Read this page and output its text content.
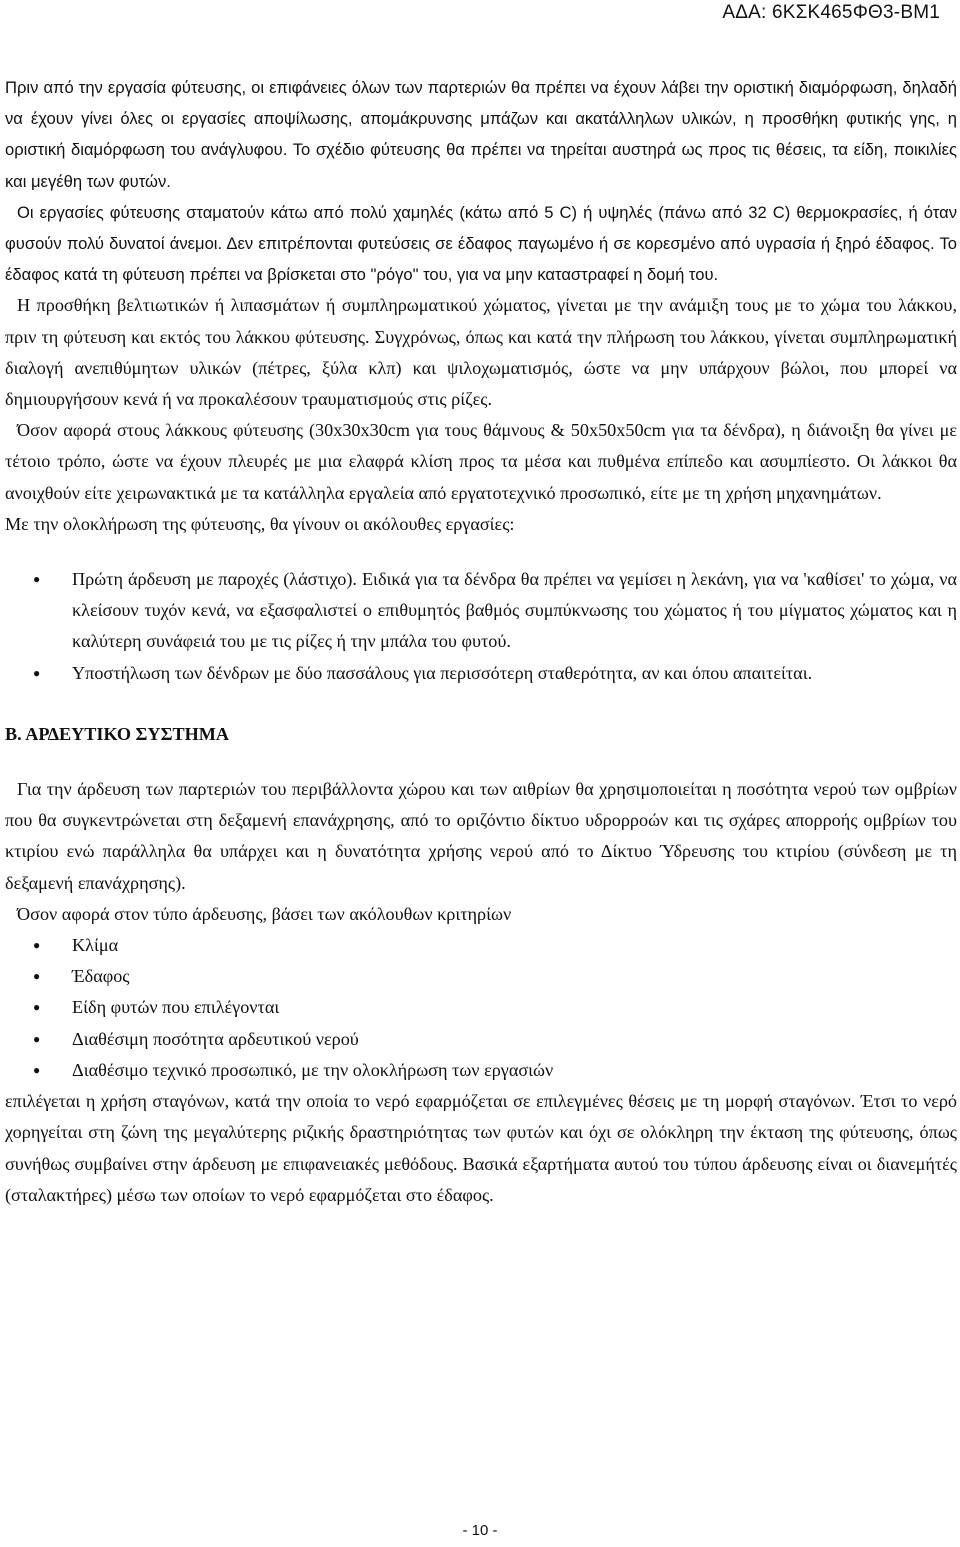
ΑΔΑ: 6ΚΣΚ465ΦΘ3-ΒΜ1

Πριν από την εργασία φύτευσης, οι επιφάνειες όλων των παρτεριών θα πρέπει να έχουν λάβει την οριστική διαμόρφωση, δηλαδή να έχουν γίνει όλες οι εργασίες αποψίλωσης, απομάκρυνσης μπάζων και ακατάλληλων υλικών, η προσθήκη φυτικής γης, η οριστική διαμόρφωση του ανάγλυφου. Το σχέδιο φύτευσης θα πρέπει να τηρείται αυστηρά ως προς τις θέσεις, τα είδη, ποικιλίες και μεγέθη των φυτών.

Οι εργασίες φύτευσης σταματούν κάτω από πολύ χαμηλές (κάτω από 5 C) ή υψηλές (πάνω από 32 C) θερμοκρασίες, ή όταν φυσούν πολύ δυνατοί άνεμοι. Δεν επιτρέπονται φυτεύσεις σε έδαφος παγωμένο ή σε κορεσμένο από υγρασία ή ξηρό έδαφος. Το έδαφος κατά τη φύτευση πρέπει να βρίσκεται στο "ρόγο" του, για να μην καταστραφεί η δομή του.

Η προσθήκη βελτιωτικών ή λιπασμάτων ή συμπληρωματικού χώματος, γίνεται με την ανάμιξη τους με το χώμα του λάκκου, πριν τη φύτευση και εκτός του λάκκου φύτευσης. Συγχρόνως, όπως και κατά την πλήρωση του λάκκου, γίνεται συμπληρωματική διαλογή ανεπιθύμητων υλικών (πέτρες, ξύλα κλπ) και ψιλοχωματισμός, ώστε να μην υπάρχουν βώλοι, που μπορεί να δημιουργήσουν κενά ή να προκαλέσουν τραυματισμούς στις ρίζες.

Όσον αφορά στους λάκκους φύτευσης (30x30x30cm για τους θάμνους & 50x50x50cm για τα δένδρα), η διάνοιξη θα γίνει με τέτοιο τρόπο, ώστε να έχουν πλευρές με μια ελαφρά κλίση προς τα μέσα και πυθμένα επίπεδο και ασυμπίεστο. Οι λάκκοι θα ανοιχθούν είτε χειρωνακτικά με τα κατάλληλα εργαλεία από εργατοτεχνικό προσωπικό, είτε με τη χρήση μηχανημάτων.

Με την ολοκλήρωση της φύτευσης, θα γίνουν οι ακόλουθες εργασίες:

● Πρώτη άρδευση με παροχές (λάστιχο). Ειδικά για τα δένδρα θα πρέπει να γεμίσει η λεκάνη, για να 'καθίσει' το χώμα, να κλείσουν τυχόν κενά, να εξασφαλιστεί ο επιθυμητός βαθμός συμπύκνωσης του χώματος ή του μίγματος χώματος και η καλύτερη συνάφειά του με τις ρίζες ή την μπάλα του φυτού.
● Υποστήλωση των δένδρων με δύο πασσάλους για περισσότερη σταθερότητα, αν και όπου απαιτείται.
Β. ΑΡΔΕΥΤΙΚΟ ΣΥΣΤΗΜΑ

Για την άρδευση των παρτεριών του περιβάλλοντα χώρου και των αιθρίων θα χρησιμοποιείται η ποσότητα νερού των ομβρίων που θα συγκεντρώνεται στη δεξαμενή επανάχρησης, από το οριζόντιο δίκτυο υδρορροών και τις σχάρες απορροής ομβρίων του κτιρίου ενώ παράλληλα θα υπάρχει και η δυνατότητα χρήσης νερού από το Δίκτυο Ύδρευσης του κτιρίου (σύνδεση με τη δεξαμενή επανάχρησης).

Όσον αφορά στον τύπο άρδευσης, βάσει των ακόλουθων κριτηρίων

● Κλίμα
● Έδαφος
● Είδη φυτών που επιλέγονται
● Διαθέσιμη ποσότητα αρδευτικού νερού
● Διαθέσιμο τεχνικό προσωπικό, με την ολοκλήρωση των εργασιών

επιλέγεται η χρήση σταγόνων, κατά την οποία το νερό εφαρμόζεται σε επιλεγμένες θέσεις με τη μορφή σταγόνων. Έτσι το νερό χορηγείται στη ζώνη της μεγαλύτερης ριζικής δραστηριότητας των φυτών και όχι σε ολόκληρη την έκταση της φύτευσης, όπως συνήθως συμβαίνει στην άρδευση με επιφανειακές μεθόδους. Βασικά εξαρτήματα αυτού του τύπου άρδευσης είναι οι διανεμήτές (σταλακτήρες) μέσω των οποίων το νερό εφαρμόζεται στο έδαφος.

- 10 -
